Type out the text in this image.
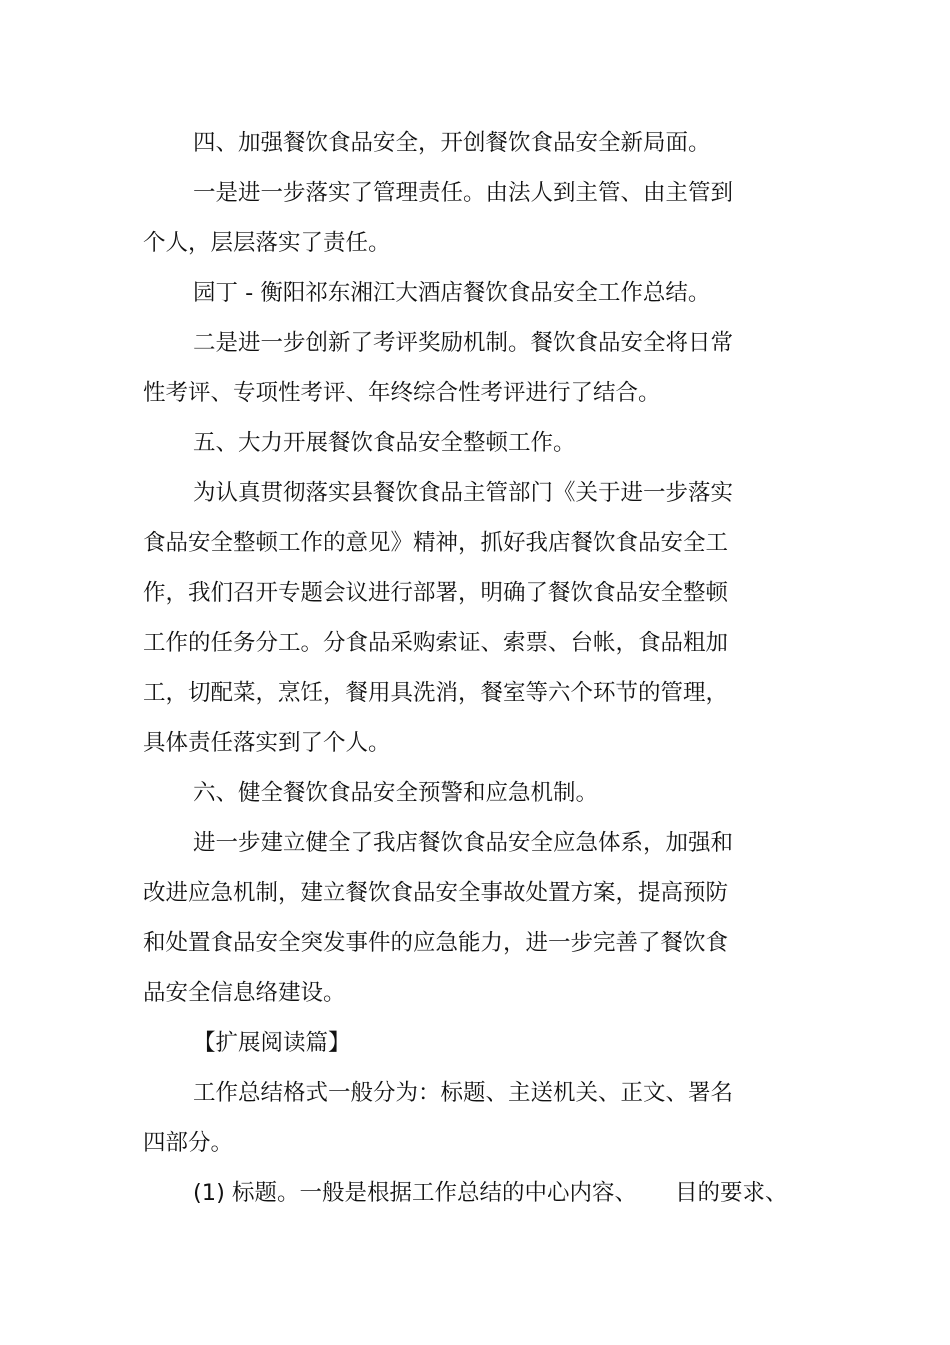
四、加强餐饮食品安全，开创餐饮食品安全新局面。
一是进一步落实了管理责任。由法人到主管、由主管到
个人，层层落实了责任。
园丁 - 衡阳祁东湘江大酒店餐饮食品安全工作总结。
二是进一步创新了考评奖励机制。餐饮食品安全将日常
性考评、专项性考评、年终综合性考评进行了结合。
五、大力开展餐饮食品安全整顿工作。
为认真贯彻落实县餐饮食品主管部门《关于进一步落实
食品安全整顿工作的意见》精神，抓好我店餐饮食品安全工
作，我们召开专题会议进行部署，明确了餐饮食品安全整顿
工作的任务分工。分食品采购索证、索票、台帐，食品粗加
工，切配菜，烹饪，餐用具洗消，餐室等六个环节的管理，
具体责任落实到了个人。
六、健全餐饮食品安全预警和应急机制。
进一步建立健全了我店餐饮食品安全应急体系，加强和
改进应急机制，建立餐饮食品安全事故处置方案，提高预防
和处置食品安全突发事件的应急能力，进一步完善了餐饮食
品安全信息络建设。
【扩展阅读篇】
工作总结格式一般分为：标题、主送机关、正文、署名
四部分。
(1) 标题。一般是根据工作总结的中心内容、 目的要求、
